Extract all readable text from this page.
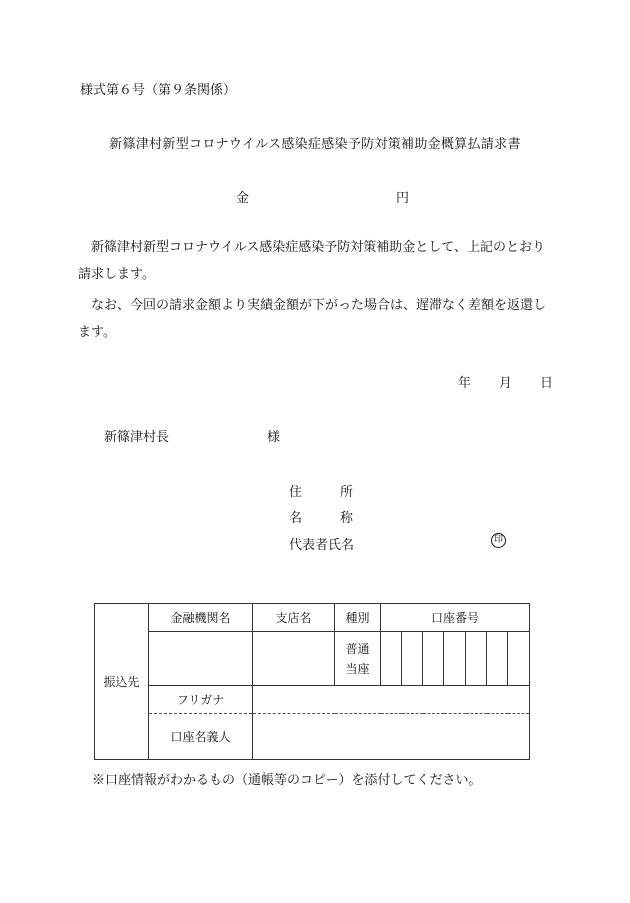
様式第６号（第９条関係）
新篠津村新型コロナウイルス感染症感染予防対策補助金概算払請求書
金	円
新篠津村新型コロナウイルス感染症感染予防対策補助金として、上記のとおり請求します。
なお、今回の請求金額より実績金額が下がった場合は、遅滞なく差額を返還します。
年 月 日
新篠津村長	様
住	所
名	称
代表者氏名	印
振込先	金融機関名	支店名	種別	口座番号						
			普通
当座							
	フリガナ									
	口座名義人									
※口座情報がわかるもの（通帳等のコピー）を添付してください。
